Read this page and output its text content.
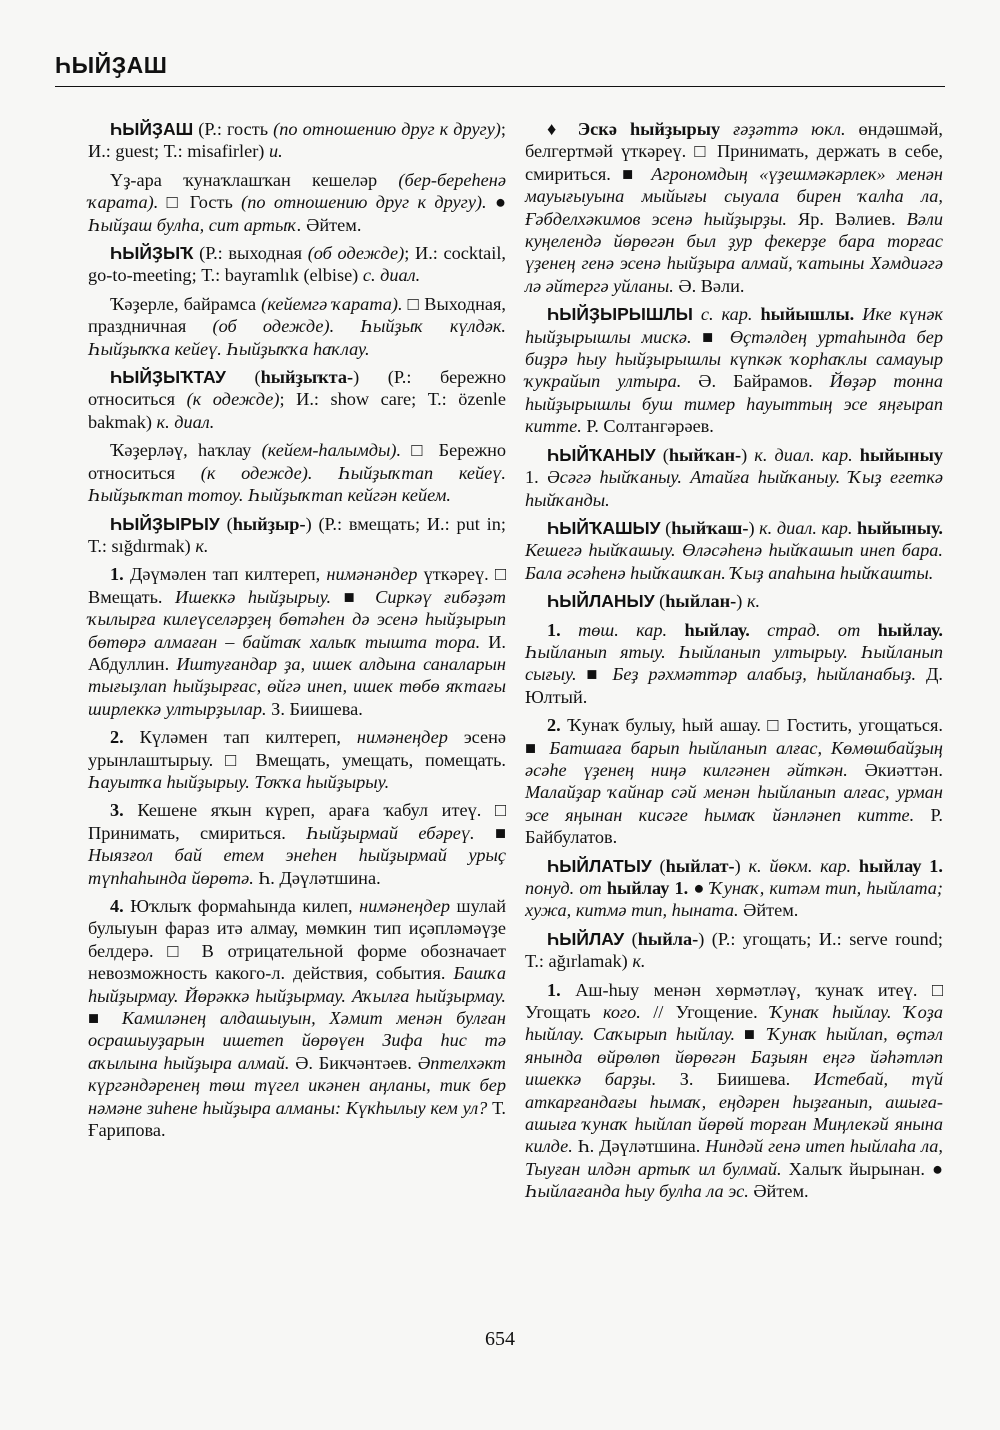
ҺЫЙҘАШ

ҺЫЙҘАШ (Р.: гость (по отношению друг к другу); И.: guest; Т.: misafirler) и.

Үҙ-ара ҡунаҡлашҡан кешеләр (бер-береһенә ҡарата). □ Гость (по отношению друг к другу). ● Һыйҙаш булһа, сит артыҡ. Әйтем.

ҺЫЙҘЫҠ (Р.: выходная (об одежде); И.: cocktail, go-to-meeting; Т.: bayramlık (elbise) с. диал.

Ҡәҙерле, байрамса (кейемгә ҡарата). □ Выходная, праздничная (об одежде). Һыйҙыҡ күлдәк. Һыйҙыҡҡа кейеү. Һыйҙыҡҡа һаҡлау.

ҺЫЙҘЫҠТАУ (һыйҙыҡта-) (Р.: бережно относиться (к одежде); И.: show care; Т.: özenle bakmak) к. диал.

Ҡәҙерләү, һаҡлау (кейем-һалымды). □ Бережно относиться (к одежде). Һыйҙыҡтап кейеү. Һыйҙыҡтап тотоу. Һыйҙыҡтап кейгән кейем.

ҺЫЙҘЫРЫУ (һыйҙыр-) (Р.: вмещать; И.: put in; Т.: sığdırmak) к.

1. Дәүмәлен тап килтереп, нимәнәндер үткәреү. □ Вмещать. Ишеккә һыйҙырыу. ■ Сиркәү ғибәҙәт ҡылырға килеүселәрҙең бөтәһен дә эсенә һыйҙырып бөтөрә алмаған – байтаҡ халыҡ тышта тора. И. Абдуллин. Иштуғандар ҙа, ишек алдына саналарын тығыҙлап һыйҙырғас, өйгә инеп, ишек төбө яҡтағы ширлеккә ултырҙылар. З. Биишева.

2. Күләмен тап килтереп, нимәнеңдер эсенә урынлаштырыу. □ Вмещать, умещать, помещать. Һауытҡа һыйҙырыу. Тоҡҡа һыйҙырыу.

3. Кешене яҡын күреп, араға ҡабул итеү. □ Принимать, смириться. Һыйҙырмай ебәреү. ■ Ныязғол бай етем энеһен һыйҙырмай урыҫ түпһаһында йөрөтә. Һ. Дәүләтшина.

4. Юҡлыҡ формаһында килеп, нимәнеңдер шулай булыуын фараз итә алмау, мөмкин тип иҫәпләмәүҙе белдерә. □ В отрицательной форме обозначает невозможность какого-л. действия, события. Башҡа һыйҙырмау. Йөрәккә һыйҙырмау. Аҡылға һыйҙырмау. ■ Камиләнең алдашыуын, Хәмит менән булған осрашыуҙарын ишетеп йөрөүен Зифа һис тә аҡылына һыйҙыра алмай. Ә. Бикчәнтәев. Әптелхәкт күргәндәренең төш түгел икәнен аңланы, тик бер нәмәне зиһене һыйҙыра алманы: Күкһылыу кем ул? Т. Ғарипова.

♦ Эскә һыйҙырыу ғәҙәттә юкл. өндәшмәй, белгертмәй үткәреү. □ Принимать, держать в себе, смириться. ■ Агрономдың «үҙешмәкәрлек» менән мауығыуына мыйығы сыуала бирен ҡалһа ла, Ғәбделхәкимов эсенә һыйҙырҙы. Яр. Вәлиев. Вәли куңелендә йөрөгән был ҙур фекерҙе бара торғас үҙенең генә эсенә һыйҙыра алмай, ҡатыны Хәмдиәгә лә әйтергә уйланы. Ә. Вәли.

ҺЫЙҘЫРЫШЛЫ с. кар. һыйышлы. Ике күнәк һыйҙырышлы мискә. ■ Өҫтәлдең уртаһында бер биҙрә һыу һыйҙырышлы күпкәк ҡорһаҡлы самауыр ҡукрайып ултыра. Ә. Байрамов. Йөҙәр тонна һыйҙырышлы буш тимер һауыттың эсе яңғырап китте. Р. Солтангәрәев.

ҺЫЙҠАНЫУ (һыйҡан-) к. диал. кар. һыйыныу 1. Әсәгә һыйҡаныу. Атайға һыйҡаныу. Ҡыҙ егеткә һыйҡанды.

ҺЫЙҠАШЫУ (һыйҡаш-) к. диал. кар. һыйыныу. Кешегә һыйҡашыу. Өләсәһенә һыйҡашып инеп бара. Бала әсәһенә һыйҡашҡан. Ҡыҙ апаһына һыйҡашты.

ҺЫЙЛАНЫУ (һыйлан-) к.

1. төш. кар. һыйлау. страд. от һыйлау. Һыйланып ятыу. Һыйланып ултырыу. Һыйланып сығыу. ■ Беҙ рәхмәттәр алабыҙ, һыйланабыҙ. Д. Юлтый.

2. Ҡунаҡ булыу, һый ашау. □ Гостить, угощаться. ■ Батшаға барып һыйланып алғас, Көмөшбайҙың әсәһе үҙенең ниңә килгәнен әйткән. Әкиәттән. Малайҙар ҡайнар сәй менән һыйланып алғас, урман эсе яңынан кисәге һымаҡ йәнләнеп китте. Р. Байбулатов.

ҺЫЙЛАТЫУ (һыйлат-) к. йөкм. кар. һыйлау 1. понуд. от һыйлау 1. ● Ҡунаҡ, китәм тип, һыйлата; хужа, китмә тип, һыната. Әйтем.

ҺЫЙЛАУ (һыйла-) (Р.: угощать; И.: serve round; Т.: ağırlamak) к.

1. Аш-һыу менән хөрмәтләү, ҡунаҡ итеү. □ Угощать кого. // Угощение. Ҡунаҡ һыйлау. Ҡоҙа һыйлау. Саҡырып һыйлау. ■ Ҡунаҡ һыйлап, өҫтәл янында өйрөлөп йөрөгән Баҙыян еңгә йәһәтләп ишеккә барҙы. З. Биишева. Истебай, түй аткарғандағы һымаҡ, еңдәрен һыҙғанып, ашыға-ашыға ҡунаҡ һыйлап йөрөй торған Миңлекәй янына килде. Һ. Дәүләтшина. Ниндәй генә итеп һыйлаһа ла, Тыуған илдән артыҡ ил булмай. Халыҡ йырынан. ● Һыйлағанда һыу булһа ла эс. Әйтем.

654
